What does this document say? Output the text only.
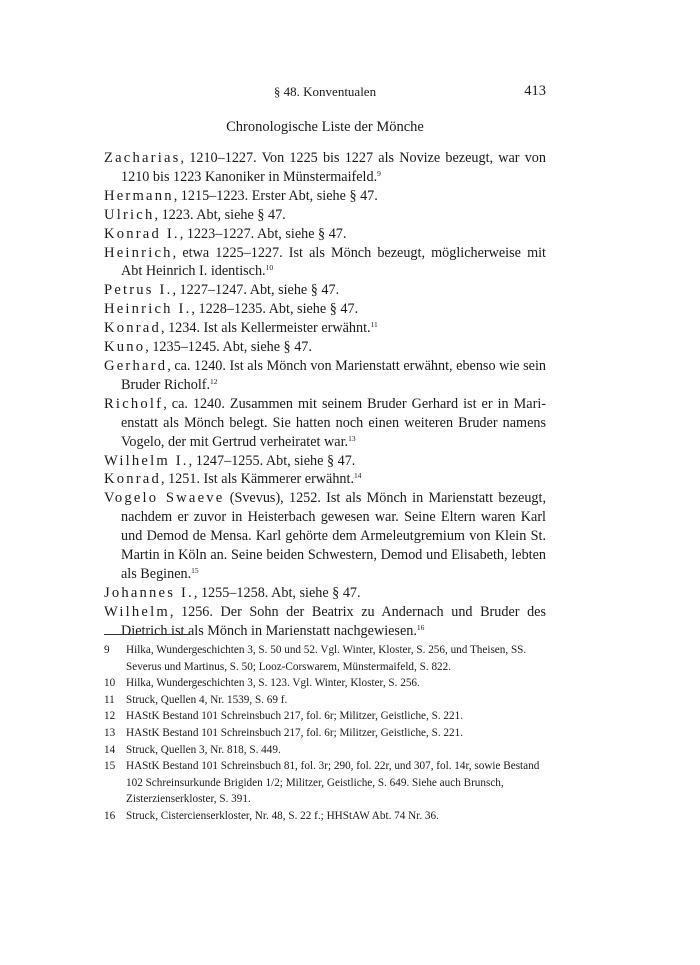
§ 48. Konventualen	413
Chronologische Liste der Mönche

Zacharias, 1210–1227. Von 1225 bis 1227 als Novize bezeugt, war von 1210 bis 1223 Kanoniker in Münstermaifeld.$^9$

Hermann, 1215–1223. Erster Abt, siehe § 47.

Ulrich, 1223. Abt, siehe § 47.

Konrad I., 1223–1227. Abt, siehe § 47.

Heinrich, etwa 1225–1227. Ist als Mönch bezeugt, möglicherweise mit Abt Heinrich I. identisch.$^{10}$

Petrus I., 1227–1247. Abt, siehe § 47.

Heinrich I., 1228–1235. Abt, siehe § 47.

Konrad, 1234. Ist als Kellermeister erwähnt.$^{11}$

Kuno, 1235–1245. Abt, siehe § 47.

Gerhard, ca. 1240. Ist als Mönch von Marienstatt erwähnt, ebenso wie sein Bruder Richolf.$^{12}$

Richolf, ca. 1240. Zusammen mit seinem Bruder Gerhard ist er in Marienstatt als Mönch belegt. Sie hatten noch einen weiteren Bruder namens Vogelo, der mit Gertrud verheiratet war.$^{13}$

Wilhelm I., 1247–1255. Abt, siehe § 47.

Konrad, 1251. Ist als Kämmerer erwähnt.$^{14}$

Vogelo Swaeve (Svevus), 1252. Ist als Mönch in Marienstatt bezeugt, nachdem er zuvor in Heisterbach gewesen war. Seine Eltern waren Karl und Demod de Mensa. Karl gehörte dem Armeleutgremium von Klein St. Martin in Köln an. Seine beiden Schwestern, Demod und Elisabeth, lebten als Beginen.$^{15}$

Johannes I., 1255–1258. Abt, siehe § 47.

Wilhelm, 1256. Der Sohn der Beatrix zu Andernach und Bruder des Dietrich ist als Mönch in Marienstatt nachgewiesen.$^{16}$

9	Hilka, Wundergeschichten 3, S. 50 und 52. Vgl. Winter, Kloster, S. 256, und Theisen, SS. Severus und Martinus, S. 50; Looz-Corswarem, Münstermaifeld, S. 822.
10 Hilka, Wundergeschichten 3, S. 123. Vgl. Winter, Kloster, S. 256.
11	Struck, Quellen 4, Nr. 1539, S. 69 f.
12 HAStK Bestand 101 Schreinsbuch 217, fol. 6r; Militzer, Geistliche, S. 221.
13 HAStK Bestand 101 Schreinsbuch 217, fol. 6r; Militzer, Geistliche, S. 221.
14 Struck, Quellen 3, Nr. 818, S. 449.
15 HAStK Bestand 101 Schreinsbuch 81, fol. 3r; 290, fol. 22r, und 307, fol. 14r, sowie Bestand 102 Schreinsurkunde Brigiden 1/2; Militzer, Geistliche, S. 649. Siehe auch Brunsch, Zisterzienserkloster, S. 391.
16 Struck, Cistercienserkloster, Nr. 48, S. 22 f.; HHStAW Abt. 74 Nr. 36.
